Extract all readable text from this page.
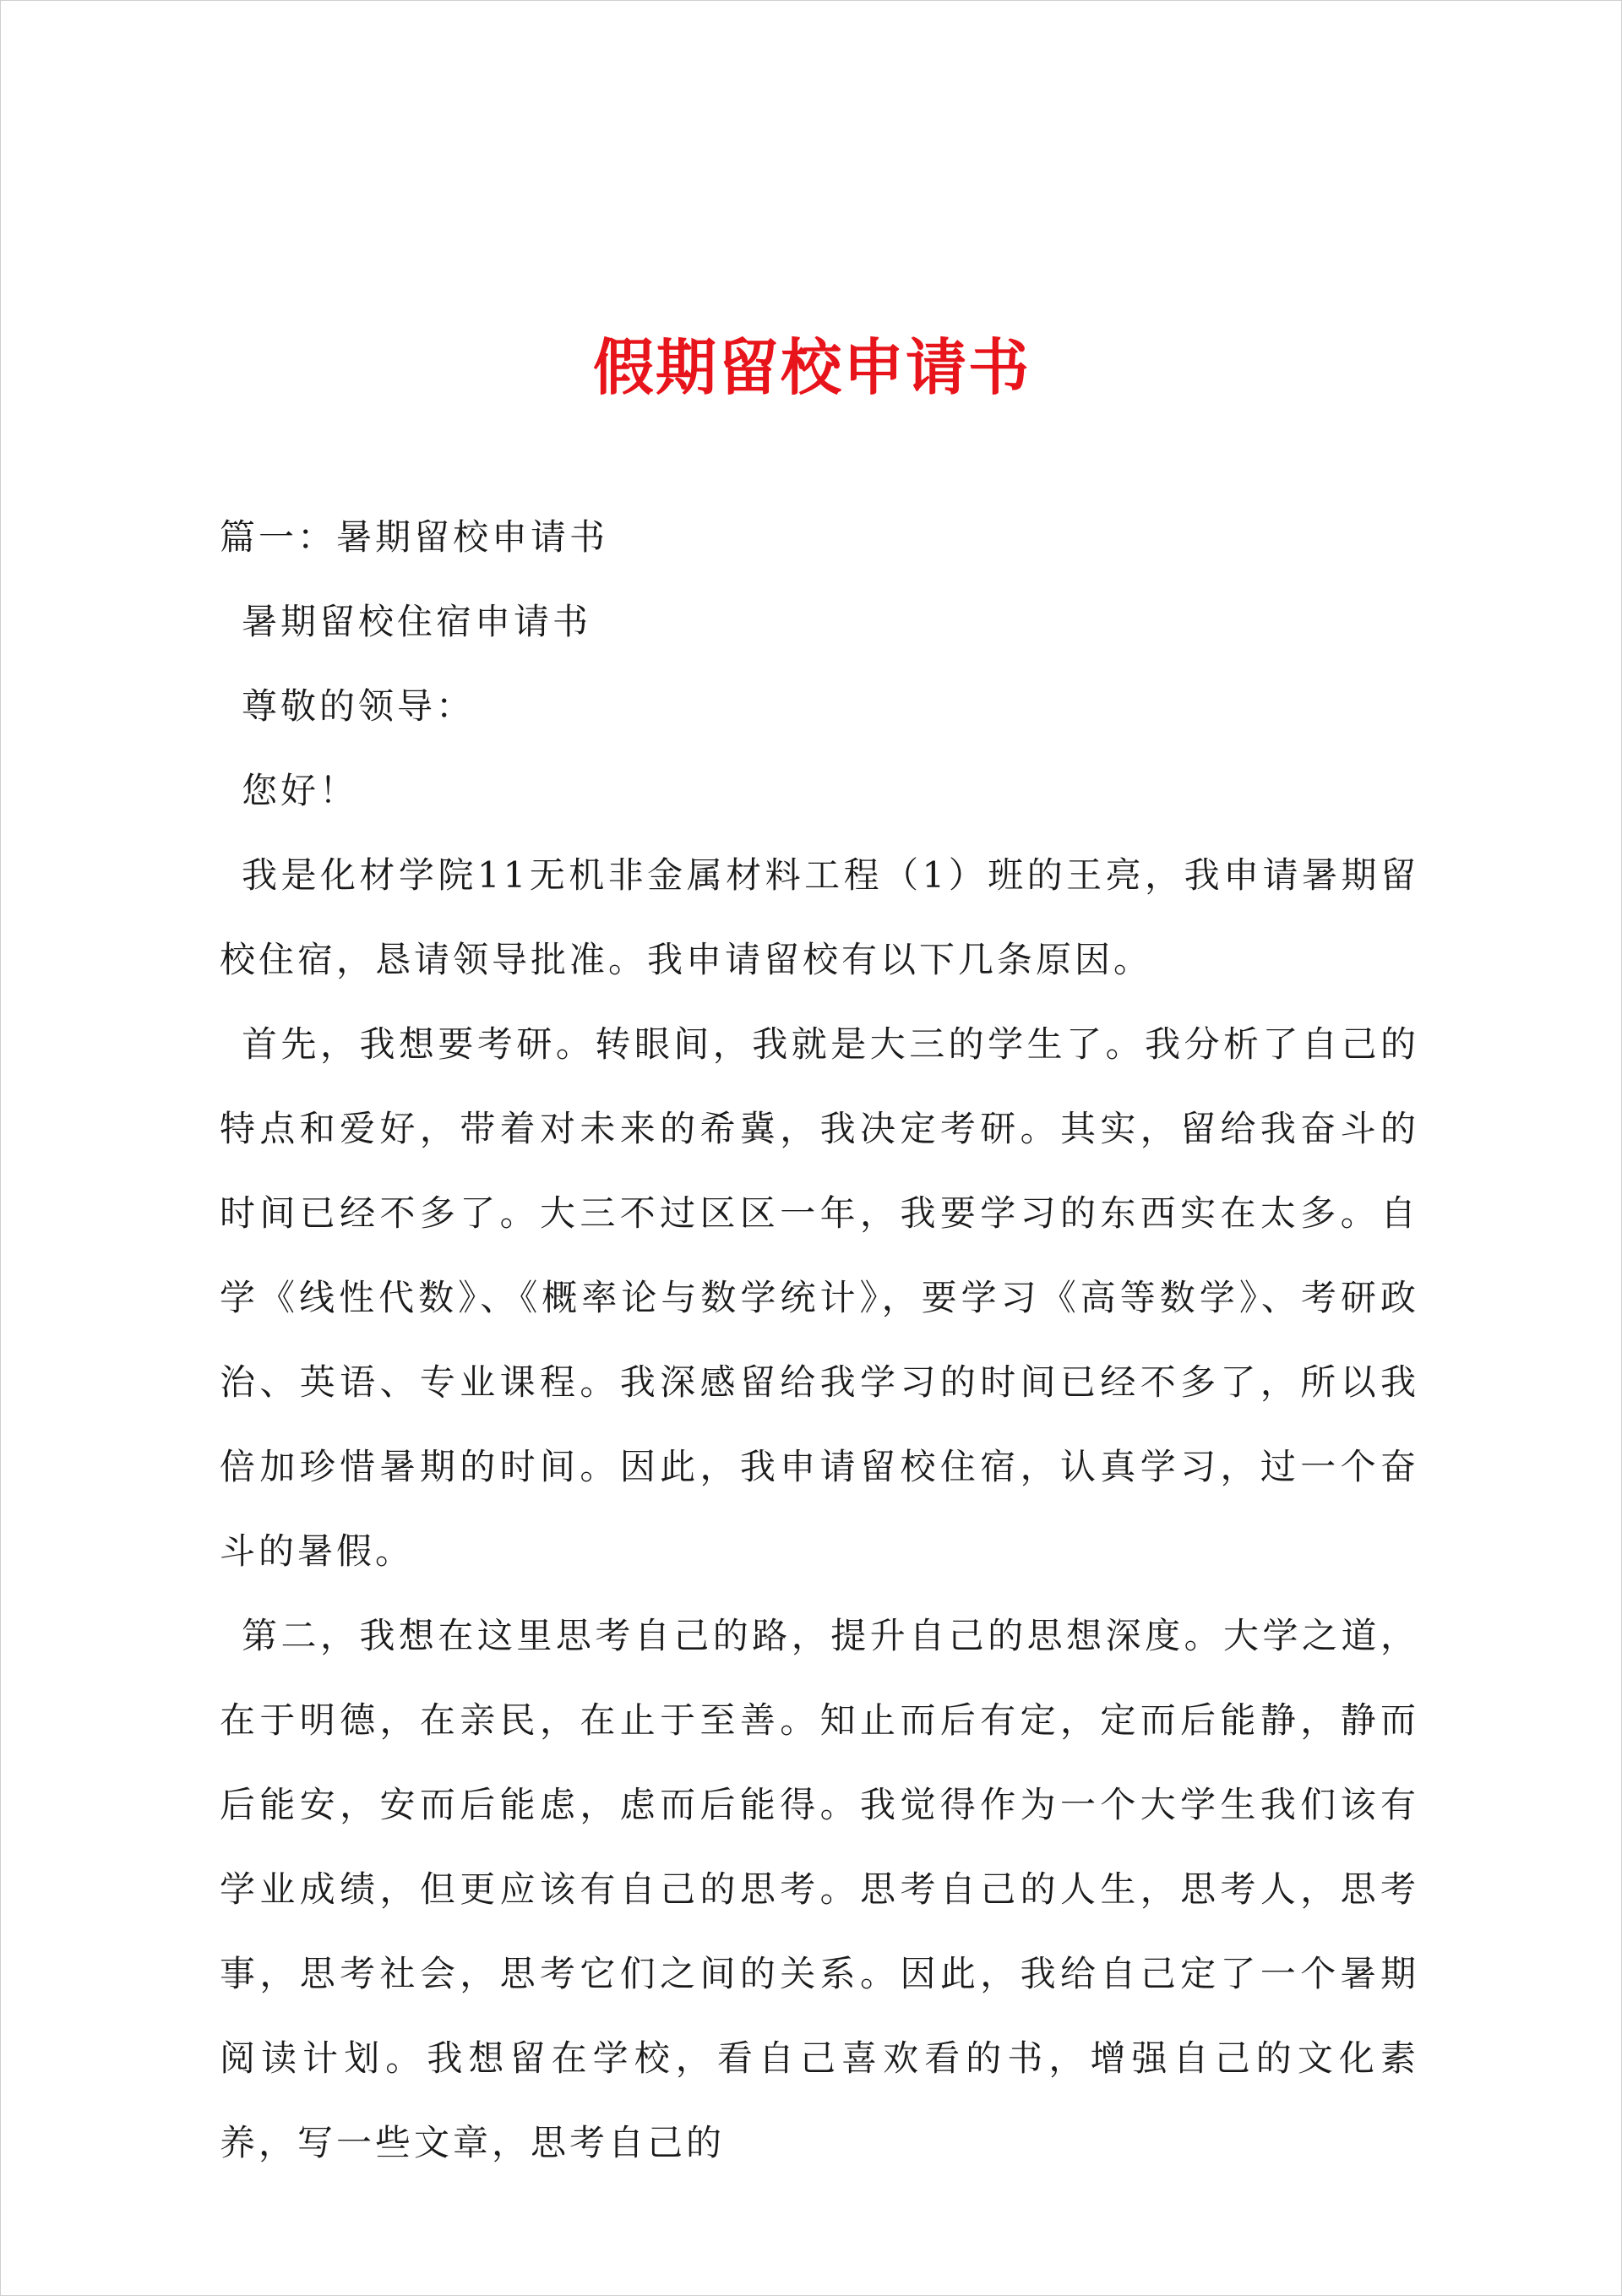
假期留校申请书

篇一：暑期留校申请书

暑期留校住宿申请书

尊敬的领导：

您好！

我是化材学院11无机非金属材料工程（1）班的王亮，我申请暑期留校住宿，恳请领导批准。我申请留校有以下几条原因。

首先，我想要考研。转眼间，我就是大三的学生了。我分析了自己的特点和爱好，带着对未来的希冀，我决定考研。其实，留给我奋斗的时间已经不多了。大三不过区区一年，我要学习的东西实在太多。自学《线性代数》、《概率论与数学统计》，要学习《高等数学》、考研政治、英语、专业课程。我深感留给我学习的时间已经不多了，所以我倍加珍惜暑期的时间。因此，我申请留校住宿，认真学习，过一个奋斗的暑假。

第二，我想在这里思考自己的路，提升自己的思想深度。大学之道，在于明德，在亲民，在止于至善。知止而后有定，定而后能静，静而后能安，安而后能虑，虑而后能得。我觉得作为一个大学生我们该有学业成绩，但更应该有自己的思考。思考自己的人生，思考人，思考事，思考社会，思考它们之间的关系。因此，我给自己定了一个暑期阅读计划。我想留在学校，看自己喜欢看的书，增强自己的文化素养，写一些文章，思考自己的
